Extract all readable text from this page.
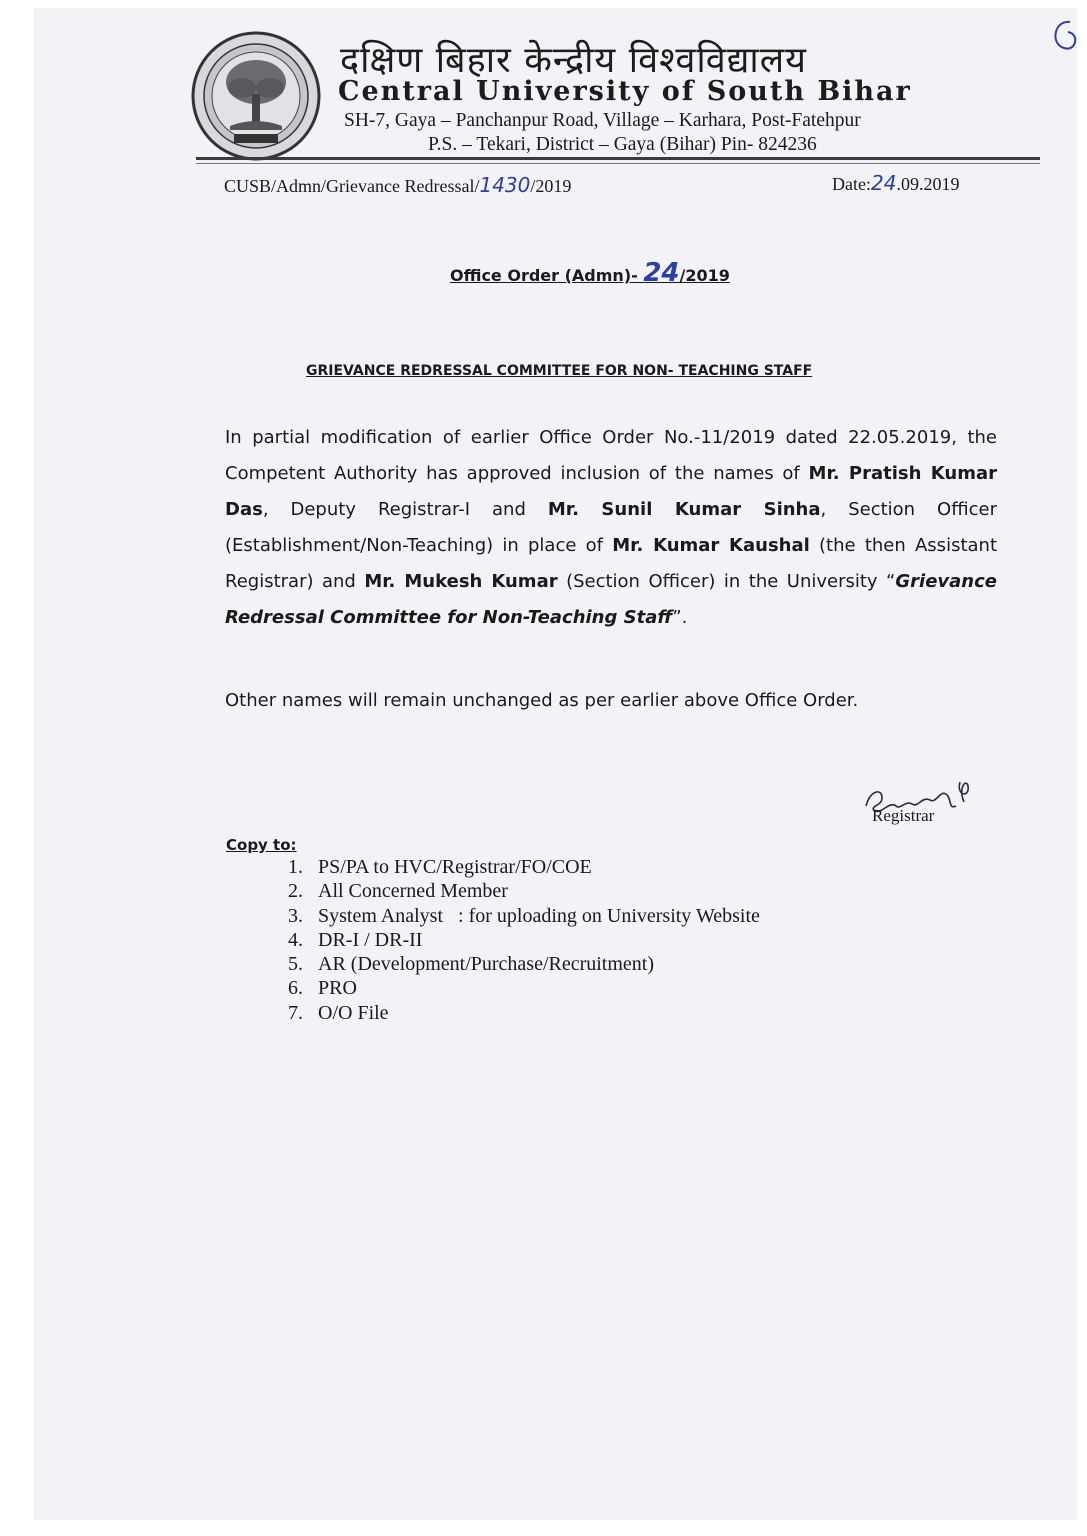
दक्षिण बिहार केन्द्रीय विश्वविद्यालय
Central University of South Bihar
SH-7, Gaya – Panchanpur Road, Village – Karhara, Post-Fatehpur
P.S. – Tekari, District – Gaya (Bihar) Pin- 824236
CUSB/Admn/Grievance Redressal/1430/2019	Date:24.09.2019
Office Order (Admn)- 24/2019
GRIEVANCE REDRESSAL COMMITTEE FOR NON- TEACHING STAFF
In partial modification of earlier Office Order No.-11/2019 dated 22.05.2019, the Competent Authority has approved inclusion of the names of Mr. Pratish Kumar Das, Deputy Registrar-I and Mr. Sunil Kumar Sinha, Section Officer (Establishment/Non-Teaching) in place of Mr. Kumar Kaushal (the then Assistant Registrar) and Mr. Mukesh Kumar (Section Officer) in the University “Grievance Redressal Committee for Non-Teaching Staff”.
Other names will remain unchanged as per earlier above Office Order.
Registrar
Copy to:
1. PS/PA to HVC/Registrar/FO/COE
2. All Concerned Member
3. System Analyst   : for uploading on University Website
4. DR-I / DR-II
5. AR (Development/Purchase/Recruitment)
6. PRO
7. O/O File
